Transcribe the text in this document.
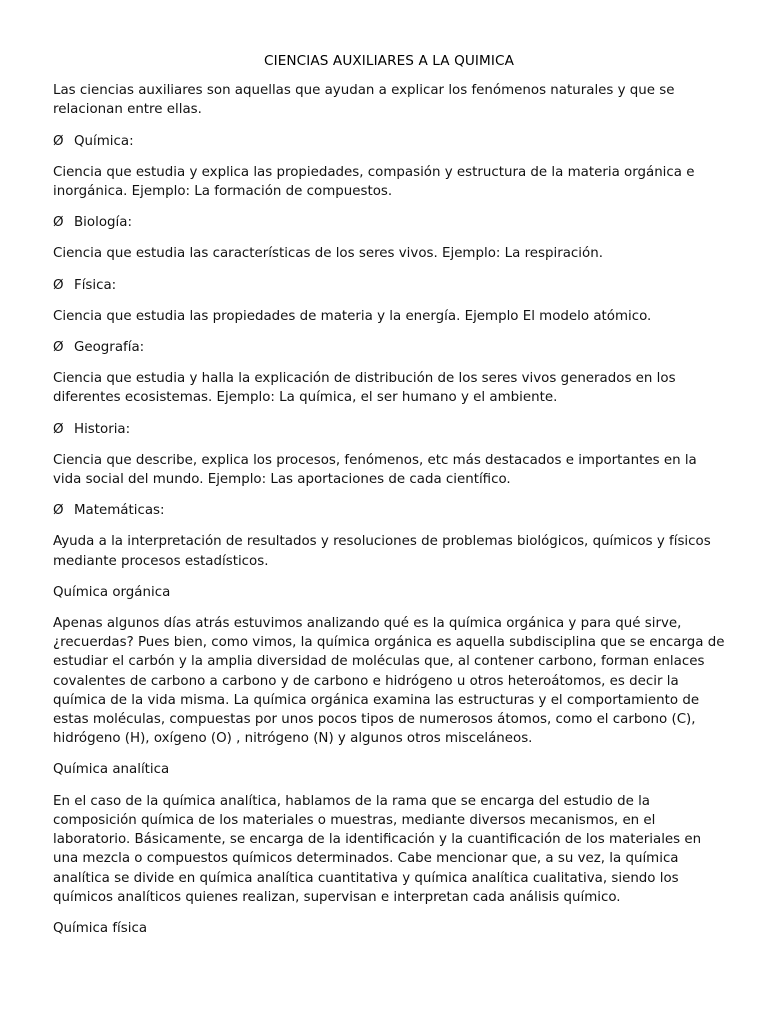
CIENCIAS AUXILIARES A LA QUIMICA

Las ciencias auxiliares son aquellas que ayudan a explicar los fenómenos naturales y que se relacionan entre ellas.

Ø Química:

Ciencia que estudia y explica las propiedades, compasión y estructura de la materia orgánica e inorgánica. Ejemplo: La formación de compuestos.

Ø Biología:

Ciencia que estudia las características de los seres vivos. Ejemplo: La respiración.

Ø Física:

Ciencia que estudia las propiedades de materia y la energía. Ejemplo El modelo atómico.

Ø Geografía:

Ciencia que estudia y halla la explicación de distribución de los seres vivos generados en los diferentes ecosistemas. Ejemplo: La química, el ser humano y el ambiente.

Ø Historia:

Ciencia que describe, explica los procesos, fenómenos, etc más destacados e importantes en la vida social del mundo. Ejemplo: Las aportaciones de cada científico.

Ø Matemáticas:

Ayuda a la interpretación de resultados y resoluciones de problemas biológicos, químicos y físicos mediante procesos estadísticos.

Química orgánica

Apenas algunos días atrás estuvimos analizando qué es la química orgánica y para qué sirve, ¿recuerdas? Pues bien, como vimos, la química orgánica es aquella subdisciplina que se encarga de estudiar el carbón y la amplia diversidad de moléculas que, al contener carbono, forman enlaces covalentes de carbono a carbono y de carbono e hidrógeno u otros heteroátomos, es decir la química de la vida misma. La química orgánica examina las estructuras y el comportamiento de estas moléculas, compuestas por unos pocos tipos de numerosos átomos, como el carbono (C), hidrógeno (H), oxígeno (O) , nitrógeno (N) y algunos otros misceláneos.

Química analítica

En el caso de la química analítica, hablamos de la rama que se encarga del estudio de la composición química de los materiales o muestras, mediante diversos mecanismos, en el laboratorio. Básicamente, se encarga de la identificación y la cuantificación de los materiales en una mezcla o compuestos químicos determinados. Cabe mencionar que, a su vez, la química analítica se divide en química analítica cuantitativa y química analítica cualitativa, siendo los químicos analíticos quienes realizan, supervisan e interpretan cada análisis químico.

Química física
